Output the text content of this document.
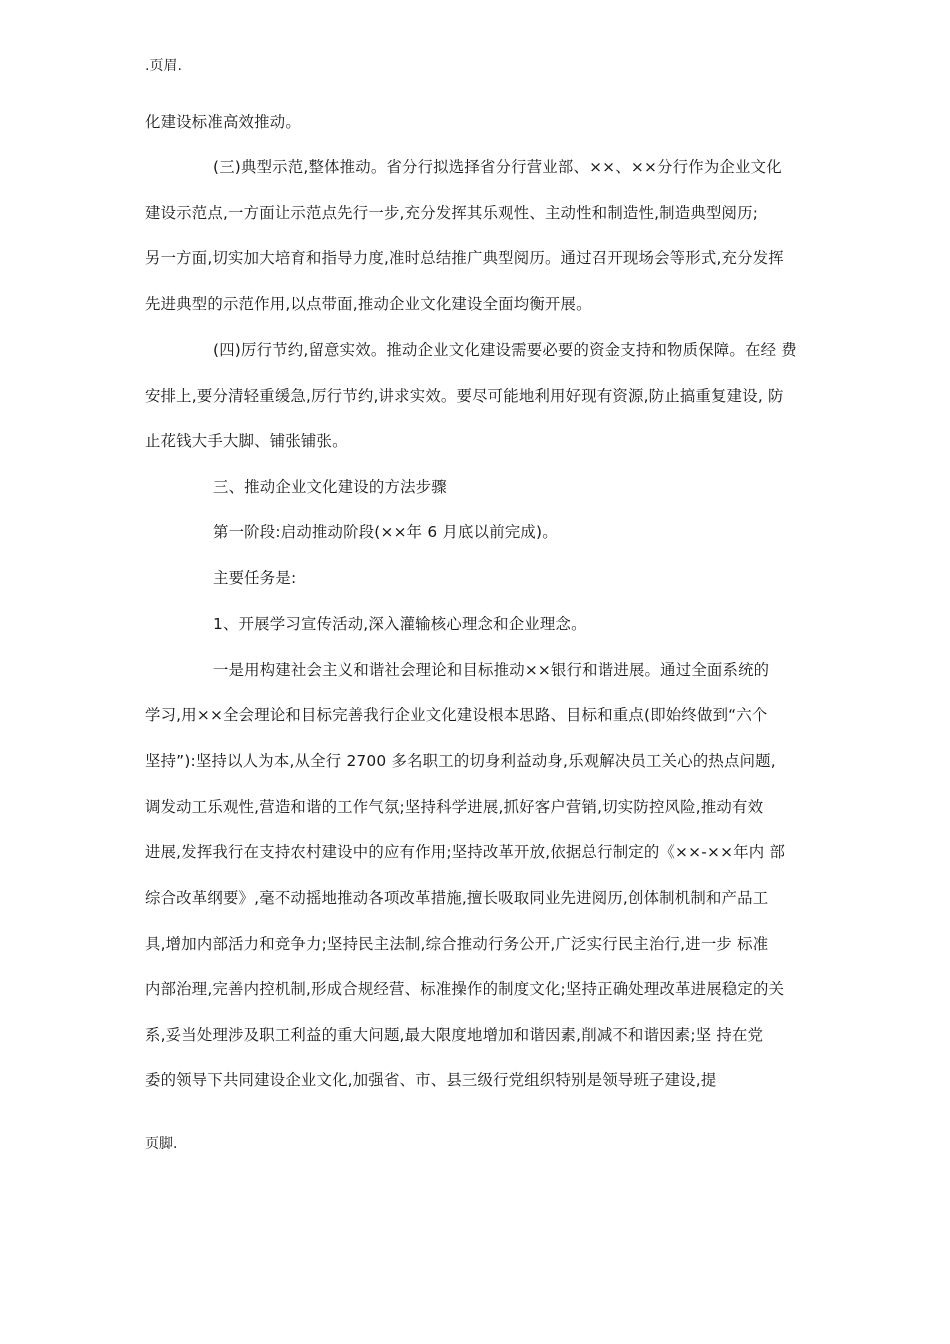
.页眉.
化建设标准高效推动。
(三)典型示范,整体推动。省分行拟选择省分行营业部、××、××分行作为企业文化
建设示范点,一方面让示范点先行一步,充分发挥其乐观性、主动性和制造性,制造典型阅历;
另一方面,切实加大培育和指导力度,准时总结推广典型阅历。通过召开现场会等形式,充分发挥
先进典型的示范作用,以点带面,推动企业文化建设全面均衡开展。
(四)厉行节约,留意实效。推动企业文化建设需要必要的资金支持和物质保障。在经 费
安排上,要分清轻重缓急,厉行节约,讲求实效。要尽可能地利用好现有资源,防止搞重复建设, 防
止花钱大手大脚、铺张铺张。
三、推动企业文化建设的方法步骤
第一阶段:启动推动阶段(××年 6 月底以前完成)。
主要任务是:
1、开展学习宣传活动,深入灌输核心理念和企业理念。
一是用构建社会主义和谐社会理论和目标推动××银行和谐进展。通过全面系统的
学习,用××全会理论和目标完善我行企业文化建设根本思路、目标和重点(即始终做到“六个
坚持”):坚持以人为本,从全行 2700 多名职工的切身利益动身,乐观解决员工关心的热点问题,
调发动工乐观性,营造和谐的工作气氛;坚持科学进展,抓好客户营销,切实防控风险,推动有效
进展,发挥我行在支持农村建设中的应有作用;坚持改革开放,依据总行制定的《××-××年内 部
综合改革纲要》,毫不动摇地推动各项改革措施,擅长吸取同业先进阅历,创体制机制和产品工
具,增加内部活力和竞争力;坚持民主法制,综合推动行务公开,广泛实行民主治行,进一步 标准
内部治理,完善内控机制,形成合规经营、标准操作的制度文化;坚持正确处理改革进展稳定的关
系,妥当处理涉及职工利益的重大问题,最大限度地增加和谐因素,削减不和谐因素;坚 持在党
委的领导下共同建设企业文化,加强省、市、县三级行党组织特别是领导班子建设,提
页脚.
